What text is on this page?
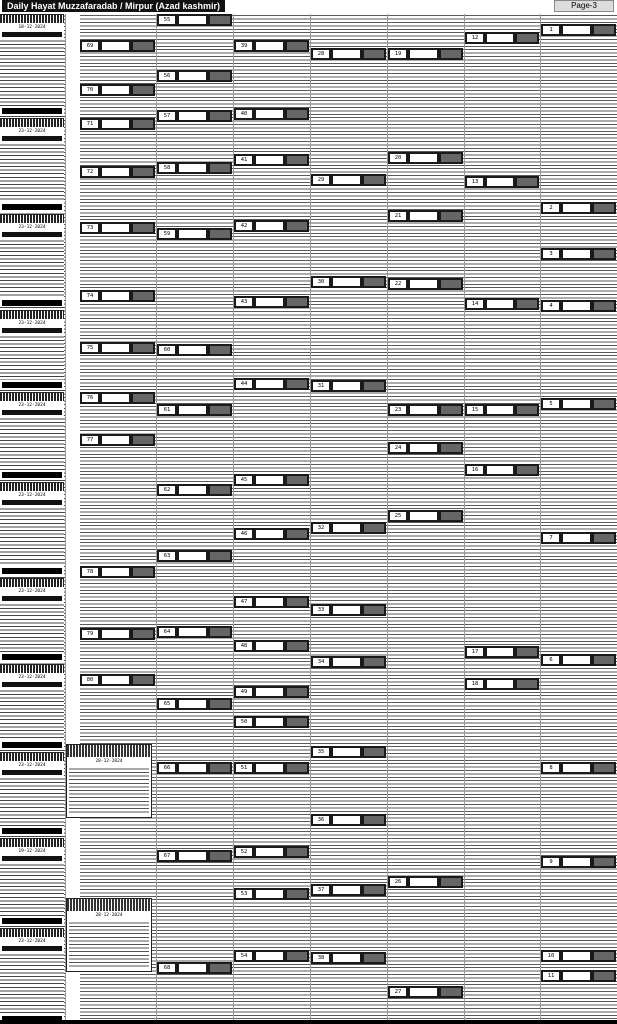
Daily Hayat Muzzafaradab / Mirpur (Azad kashmir)	Page-3
18-12-2024
23-12-2024
23-12-2024
23-12-2024
23-12-2024
23-12-2024
23-12-2024
23-12-2024
23-12-2024
19-12-2024
23-12-2024
69
70
71
72
73
74
75
76
77
78
79
80
28-12-2024
28-12-2024
55
56
57
58
59
60
61
62
63
64
65
66
67
68
39
40
41
42
43
44
45
46
47
48
49
50
51
52
53
54
28
29
30
31
32
33
34
35
36
37
38
19
20
21
22
23
24
25
26
27
12
13
14
15
16
17
18
1
2
3
4
5
6
7
8
9
10
11
